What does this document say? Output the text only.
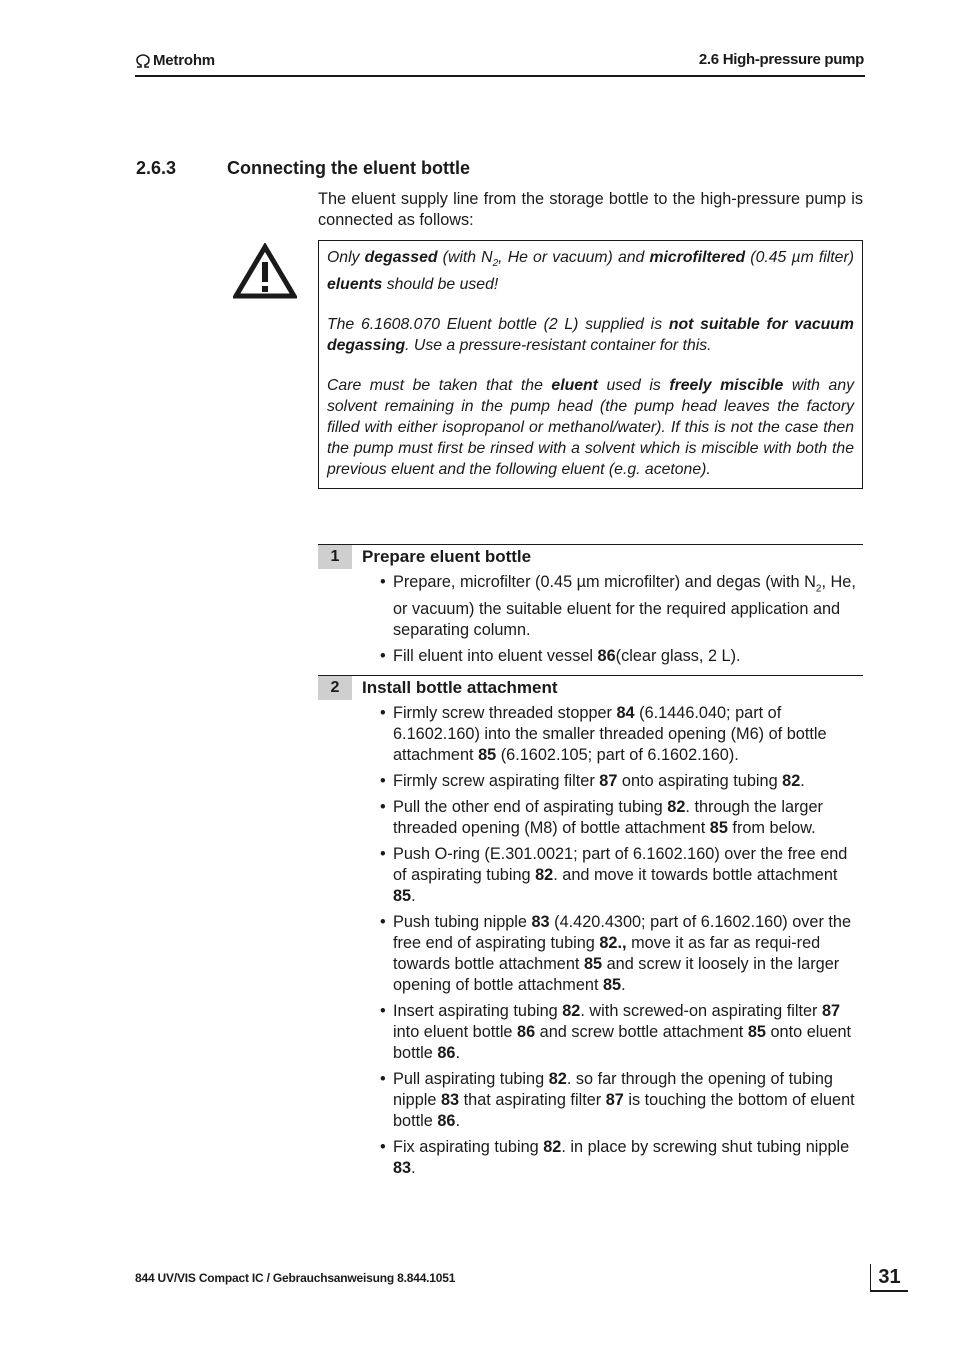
Metrohm	2.6 High-pressure pump
2.6.3	Connecting the eluent bottle
The eluent supply line from the storage bottle to the high-pressure pump is connected as follows:

Only degassed (with $N_2$, He or vacuum) and microfiltered (0.45 µm filter) eluents should be used!

The 6.1608.070 Eluent bottle (2 L) supplied is not suitable for vacuum degassing. Use a pressure-resistant container for this.

Care must be taken that the eluent used is freely miscible with any solvent remaining in the pump head (the pump head leaves the factory filled with either isopropanol or methanol/water). If this is not the case then the pump must first be rinsed with a solvent which is miscible with both the previous eluent and the following eluent (e.g. acetone).

1	Prepare eluent bottle
• Prepare, microfilter (0.45 µm microfilter) and degas (with $N_2$, He, or vacuum) the suitable eluent for the required application and separating column.
• Fill eluent into eluent vessel 86(clear glass, 2 L).
2	Install bottle attachment
• Firmly screw threaded stopper 84 (6.1446.040; part of 6.1602.160) into the smaller threaded opening (M6) of bottle attachment 85 (6.1602.105; part of 6.1602.160).
• Firmly screw aspirating filter 87 onto aspirating tubing 82.
• Pull the other end of aspirating tubing 82. through the larger threaded opening (M8) of bottle attachment 85 from below.
• Push O-ring (E.301.0021; part of 6.1602.160) over the free end of aspirating tubing 82. and move it towards bottle attachment 85.
• Push tubing nipple 83 (4.420.4300; part of 6.1602.160) over the free end of aspirating tubing 82., move it as far as requi-red towards bottle attachment 85 and screw it loosely in the larger opening of bottle attachment 85.
• Insert aspirating tubing 82. with screwed-on aspirating filter 87 into eluent bottle 86 and screw bottle attachment 85 onto eluent bottle 86.
• Pull aspirating tubing 82. so far through the opening of tubing nipple 83 that aspirating filter 87 is touching the bottom of eluent bottle 86.
• Fix aspirating tubing 82. in place by screwing shut tubing nipple 83.
844 UV/VIS Compact IC / Gebrauchsanweisung 8.844.1051	31
